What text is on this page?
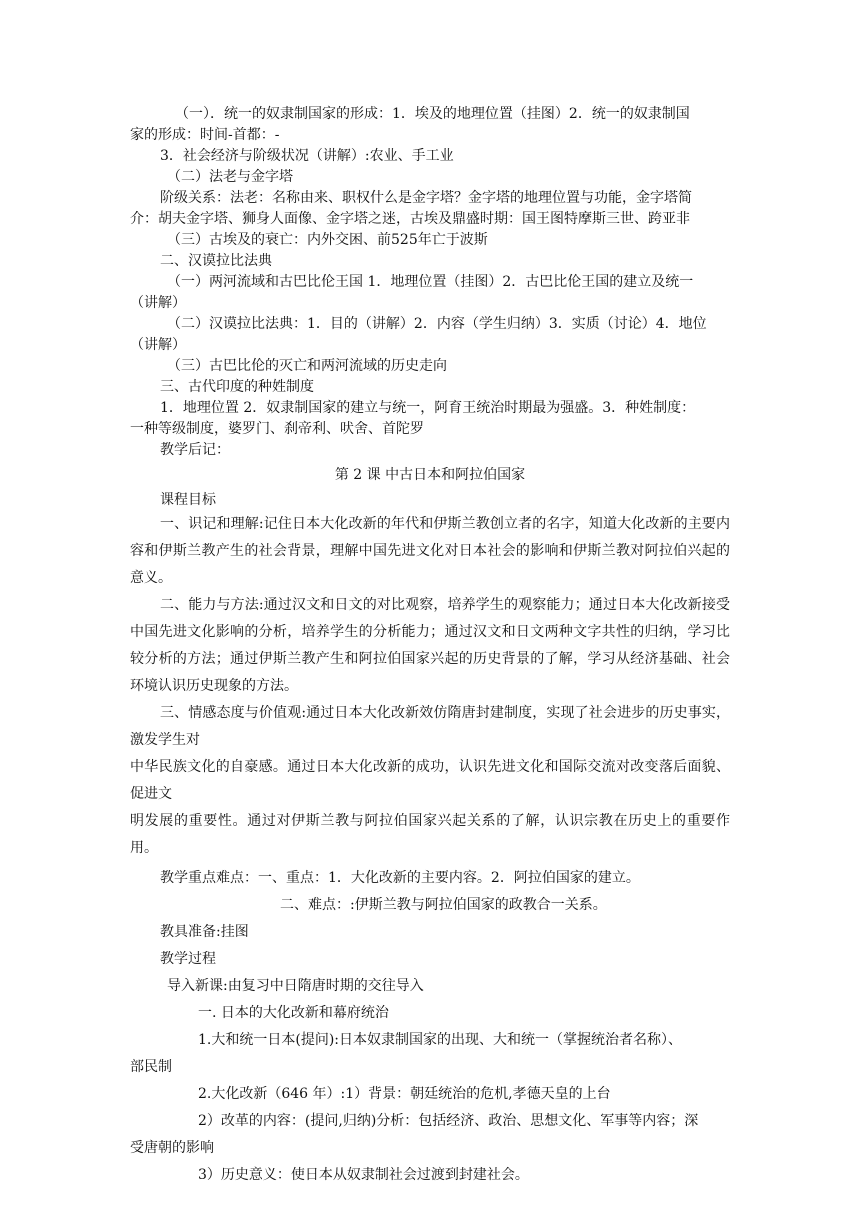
（一）．统一的奴隶制国家的形成：1．埃及的地理位置（挂图）2．统一的奴隶制国
家的形成：时间-首都：-
3．社会经济与阶级状况（讲解）:农业、手工业
（二）法老与金字塔
阶级关系：法老：名称由来、职权什么是金字塔？金字塔的地理位置与功能，金字塔简
介：胡夫金字塔、狮身人面像、金字塔之迷，古埃及鼎盛时期：国王图特摩斯三世、跨亚非
（三）古埃及的衰亡：内外交困、前525年亡于波斯
二、汉谟拉比法典
（一）两河流域和古巴比伦王国 1．地理位置（挂图）2．古巴比伦王国的建立及统一
（讲解）
（二）汉谟拉比法典：1．目的（讲解）2．内容（学生归纳）3．实质（讨论）4．地位
（讲解）
（三）古巴比伦的灭亡和两河流域的历史走向
三、古代印度的种姓制度
1．地理位置 2．奴隶制国家的建立与统一，阿育王统治时期最为强盛。3．种姓制度：
一种等级制度，婆罗门、刹帝利、吠舍、首陀罗
教学后记：
第 2 课 中古日本和阿拉伯国家
课程目标
一、识记和理解:记住日本大化改新的年代和伊斯兰教创立者的名字，知道大化改新的主要内容和伊斯兰教产生的社会背景，理解中国先进文化对日本社会的影响和伊斯兰教对阿拉伯兴起的意义。
二、能力与方法:通过汉文和日文的对比观察，培养学生的观察能力；通过日本大化改新接受中国先进文化影响的分析，培养学生的分析能力；通过汉文和日文两种文字共性的归纳，学习比较分析的方法；通过伊斯兰教产生和阿拉伯国家兴起的历史背景的了解，学习从经济基础、社会环境认识历史现象的方法。
三、情感态度与价值观:通过日本大化改新效仿隋唐封建制度，实现了社会进步的历史事实，激发学生对
中华民族文化的自豪感。通过日本大化改新的成功，认识先进文化和国际交流对改变落后面貌、促进文
明发展的重要性。通过对伊斯兰教与阿拉伯国家兴起关系的了解，认识宗教在历史上的重要作用。
教学重点难点：一、重点：1．大化改新的主要内容。2．阿拉伯国家的建立。
二、难点：:伊斯兰教与阿拉伯国家的政教合一关系。
教具准备:挂图
教学过程
导入新课:由复习中日隋唐时期的交往导入
一. 日本的大化改新和幕府统治
1.大和统一日本(提问):日本奴隶制国家的出现、大和统一（掌握统治者名称）、
部民制
2.大化改新（646 年）:1）背景：朝廷统治的危机,孝德天皇的上台
2）改革的内容：(提问,归纳)分析：包括经济、政治、思想文化、军事等内容；深
受唐朝的影响
3）历史意义：使日本从奴隶制社会过渡到封建社会。
